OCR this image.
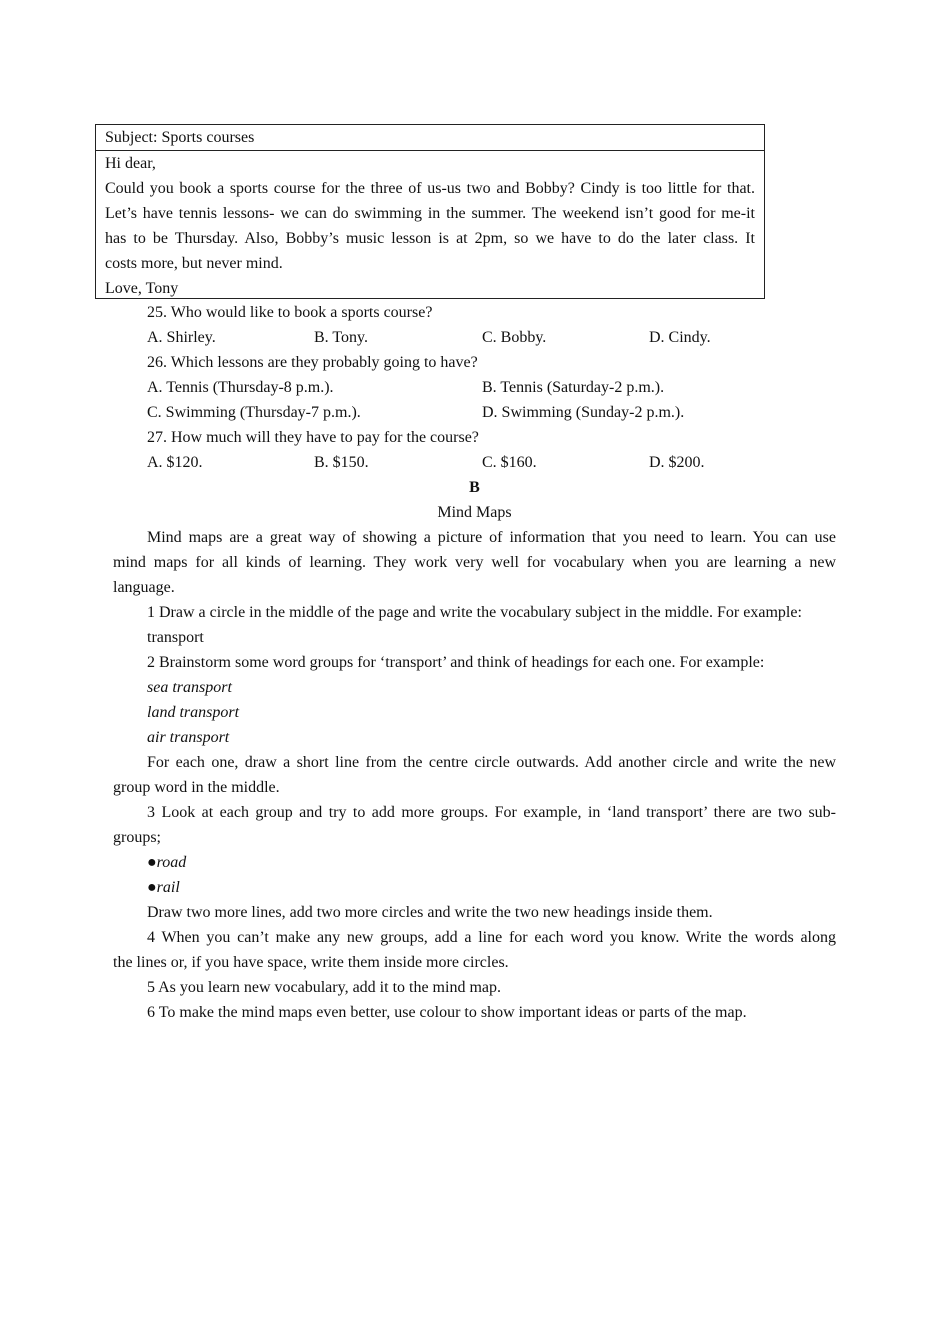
Subject: Sports courses
Hi dear,
Could you book a sports course for the three of us-us two and Bobby? Cindy is too little for that.
Let’s have tennis lessons- we can do swimming in the summer. The weekend isn’t good for me-it
has to be Thursday. Also, Bobby’s music lesson is at 2pm, so we have to do the later class. It
costs more, but never mind.
Love, Tony
25. Who would like to book a sports course?
A. Shirley.	B. Tony.	C. Bobby.	D. Cindy.
26. Which lessons are they probably going to have?
A. Tennis (Thursday-8 p.m.).	B. Tennis (Saturday-2 p.m.).
C. Swimming (Thursday-7 p.m.).	D. Swimming (Sunday-2 p.m.).
27. How much will they have to pay for the course?
A. $120.	B. $150.	C. $160.	D. $200.
B
Mind Maps
Mind maps are a great way of showing a picture of information that you need to learn. You can use
mind maps for all kinds of learning. They work very well for vocabulary when you are learning a new
language.
1 Draw a circle in the middle of the page and write the vocabulary subject in the middle. For example:
transport
2 Brainstorm some word groups for ‘transport’ and think of headings for each one. For example:
sea transport
land transport
air transport
For each one, draw a short line from the centre circle outwards. Add another circle and write the new
group word in the middle.
3 Look at each group and try to add more groups. For example, in ‘land transport’ there are two sub-
groups;
●road
●rail
Draw two more lines, add two more circles and write the two new headings inside them.
4 When you can’t make any new groups, add a line for each word you know. Write the words along
the lines or, if you have space, write them inside more circles.
5 As you learn new vocabulary, add it to the mind map.
6 To make the mind maps even better, use colour to show important ideas or parts of the map.
